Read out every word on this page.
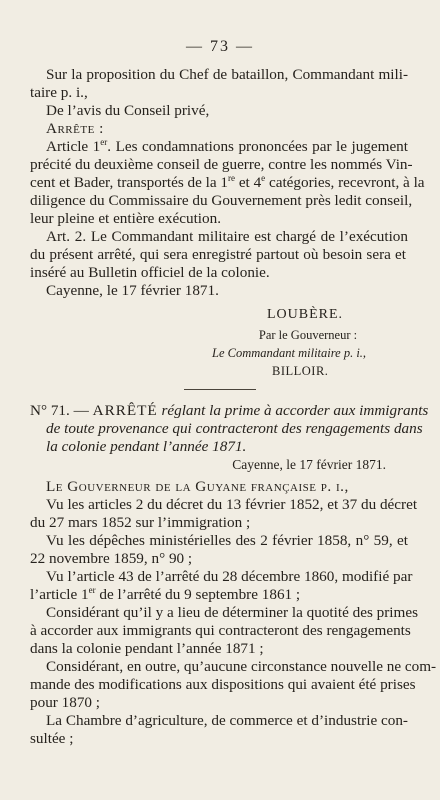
— 73 —
Sur la proposition du Chef de bataillon, Commandant mili-
taire p. i.,
De l’avis du Conseil privé,
Arrête :
Article 1er. Les condamnations prononcées par le jugement
précité du deuxième conseil de guerre, contre les nommés Vin-
cent et Bader, transportés de la 1re et 4e catégories, recevront, à la
diligence du Commissaire du Gouvernement près ledit conseil,
leur pleine et entière exécution.
Art. 2. Le Commandant militaire est chargé de l’exécution
du présent arrêté, qui sera enregistré partout où besoin sera et
inséré au Bulletin officiel de la colonie.
Cayenne, le 17 février 1871.
LOUBÈRE.
Par le Gouverneur :
Le Commandant militaire p. i.,
BILLOIR.
N° 71. — ARRÊTÉ réglant la prime à accorder aux immigrants
de toute provenance qui contracteront des rengagements dans
la colonie pendant l’année 1871.
Cayenne, le 17 février 1871.
Le Gouverneur de la Guyane française p. i.,
Vu les articles 2 du décret du 13 février 1852, et 37 du décret
du 27 mars 1852 sur l’immigration ;
Vu les dépêches ministérielles des 2 février 1858, n° 59, et
22 novembre 1859, n° 90 ;
Vu l’article 43 de l’arrêté du 28 décembre 1860, modifié par
l’article 1er de l’arrêté du 9 septembre 1861 ;
Considérant qu’il y a lieu de déterminer la quotité des primes
à accorder aux immigrants qui contracteront des rengagements
dans la colonie pendant l’année 1871 ;
Considérant, en outre, qu’aucune circonstance nouvelle ne com-
mande des modifications aux dispositions qui avaient été prises
pour 1870 ;
La Chambre d’agriculture, de commerce et d’industrie con-
sultée ;
